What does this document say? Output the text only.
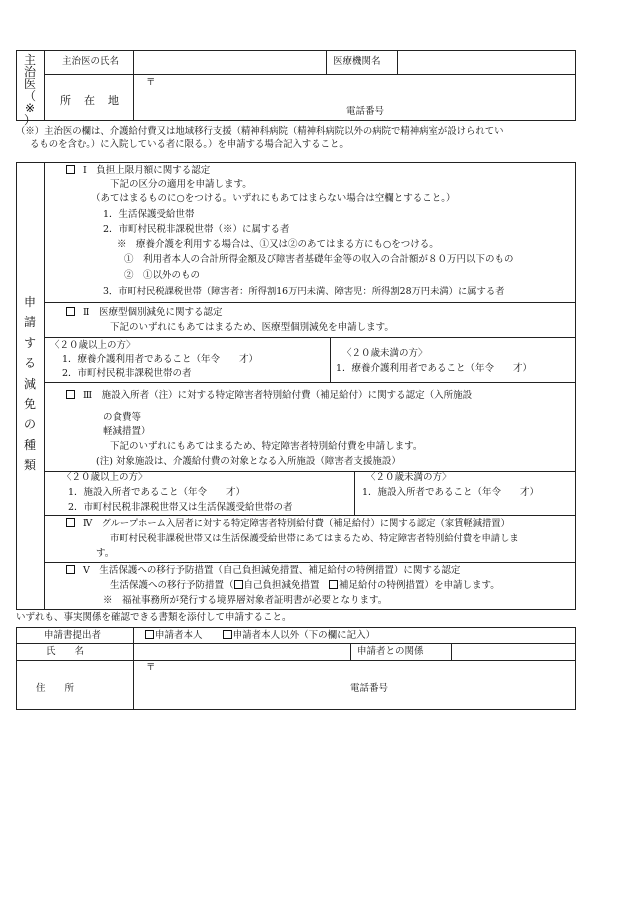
主
治
医
（
※
）
主治医の氏名	医療機関名
所　在　地
〒
電話番号
（※）主治医の欄は、介護給付費又は地域移行支援（精神科病院（精神科病院以外の病院で精神病室が設けられてい
るものを含む。）に入院している者に限る。）を申請する場合記入すること。
申
請
す
る
減
免
の
種
類
Ⅰ　負担上限月額に関する認定
下記の区分の適用を申請します。
（あてはまるものに○をつける。いずれにもあてはまらない場合は空欄とすること。）
1．生活保護受給世帯
2．市町村民税非課税世帯（※）に属する者
※　療養介護を利用する場合は、①又は②のあてはまる方にも○をつける。
①　利用者本人の合計所得金額及び障害者基礎年金等の収入の合計額が８０万円以下のもの
②　①以外のもの
3．市町村民税課税世帯（障害者：所得割16万円未満、障害児：所得割28万円未満）に属する者
Ⅱ　医療型個別減免に関する認定
下記のいずれにもあてはまるため、医療型個別減免を申請します。
〈２０歳以上の方〉
1．療養介護利用者であること（年令　　才）
2．市町村民税非課税世帯の者
〈２０歳未満の方〉
1．療養介護利用者であること（年令　　才）
Ⅲ　施設入所者（注）に対する特定障害者特別給付費（補足給付）に関する認定（入所施設
の食費等
軽減措置）
下記のいずれにもあてはまるため、特定障害者特別給付費を申請します。
(注) 対象施設は、介護給付費の対象となる入所施設（障害者支援施設）
〈２０歳以上の方〉
1．施設入所者であること（年令　　才）
2．市町村民税非課税世帯又は生活保護受給世帯の者
〈２０歳未満の方〉
1．施設入所者であること（年令　　才）
Ⅳ　グループホーム入居者に対する特定障害者特別給付費（補足給付）に関する認定（家賃軽減措置）
市町村民税非課税世帯又は生活保護受給世帯にあてはまるため、特定障害者特別給付費を申請しま
す。
Ⅴ　生活保護への移行予防措置（自己負担減免措置、補足給付の特例措置）に関する認定
生活保護への移行予防措置（ 自己負担減免措置　補足給付の特例措置）を申請します。
※　福祉事務所が発行する境界層対象者証明書が必要となります。
いずれも、事実関係を確認できる書類を添付して申請すること。
申請書提出者	申請者本人	申請者本人以外（下の欄に記入）
氏　　名	申請者との関係
住　　所
〒
電話番号
